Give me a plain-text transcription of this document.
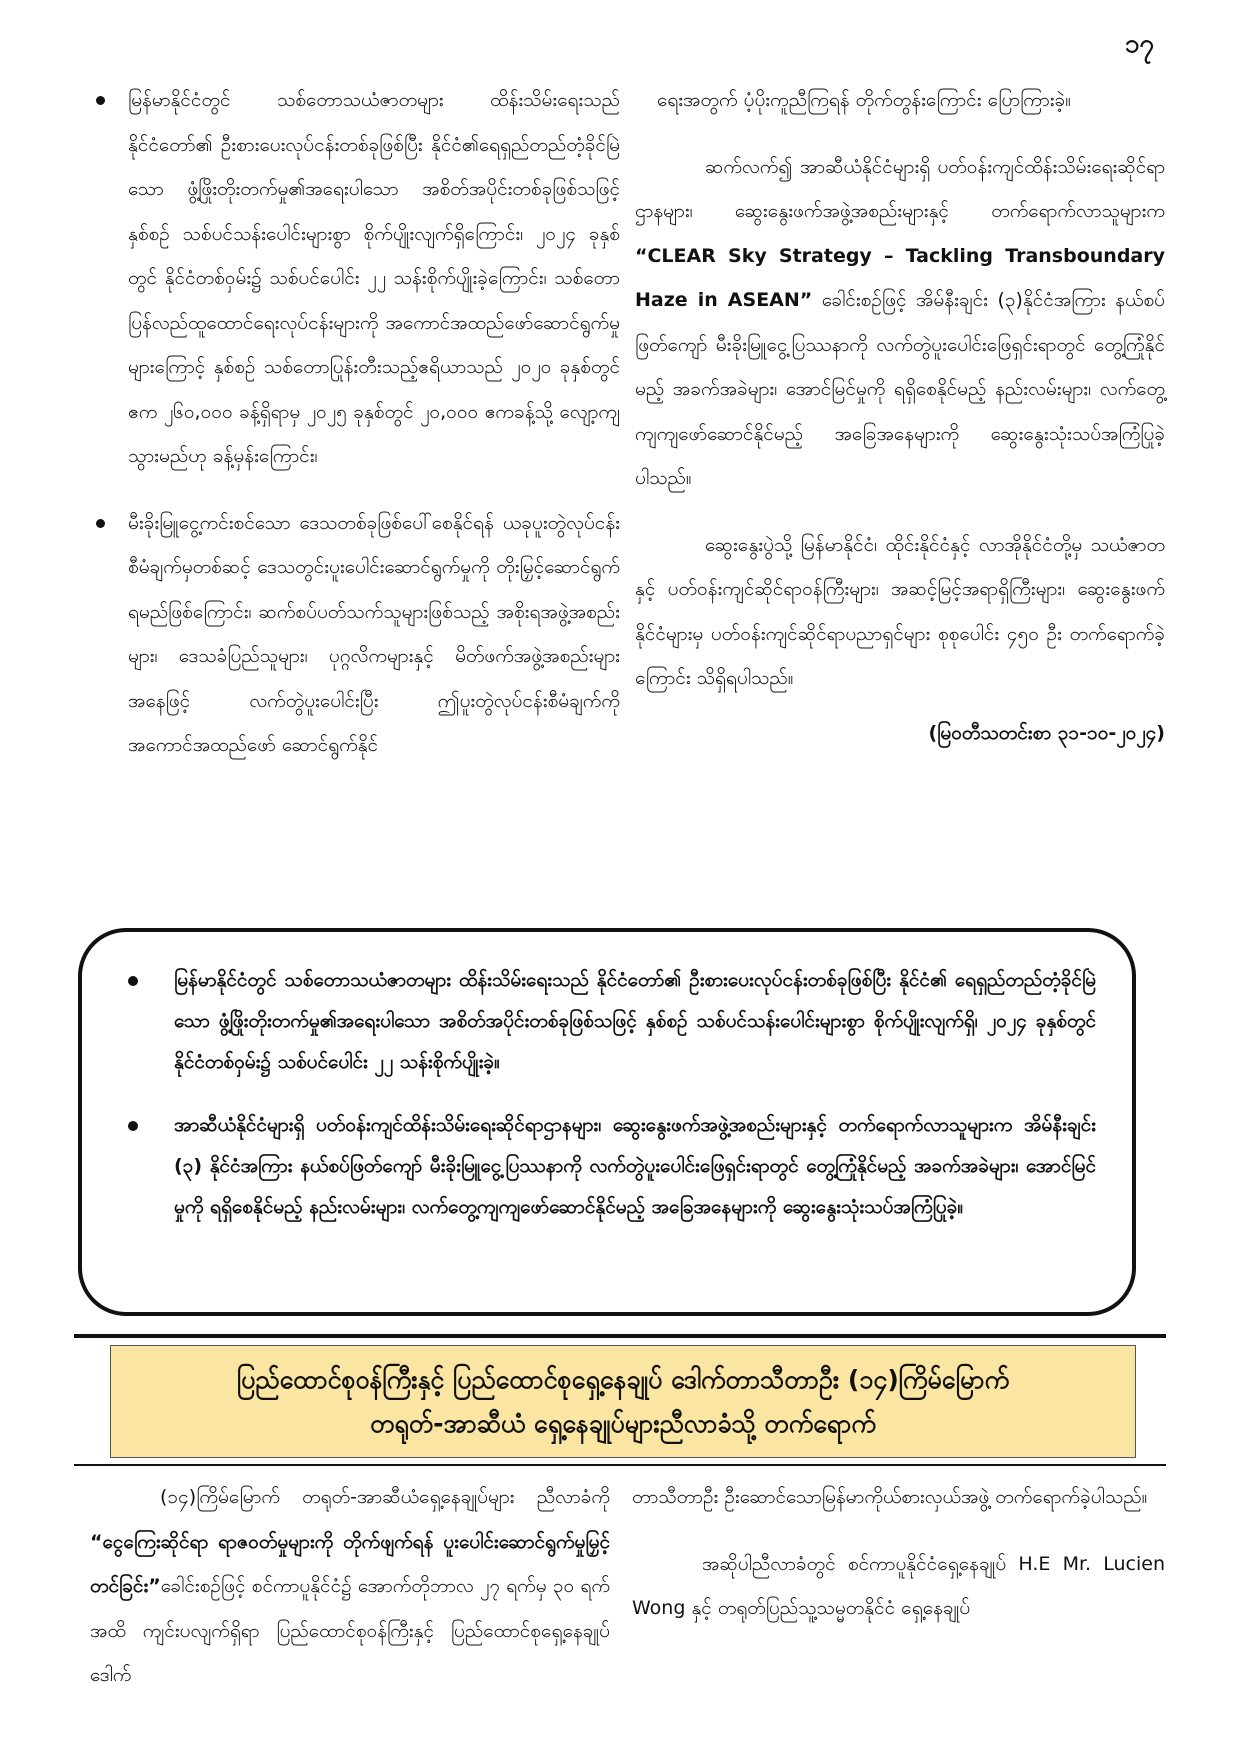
၁၇
မြန်မာနိုင်ငံတွင် သစ်တောသယံဇာတများ ထိန်းသိမ်းရေးသည် နိုင်ငံတော်၏ ဦးစားပေးလုပ်ငန်းတစ်ခုဖြစ်ပြီး နိုင်ငံ၏ရေရှည်တည်တံ့ခိုင်မြဲသော ဖွံ့ဖြိုးတိုးတက်မှု၏အရေးပါသော အစိတ်အပိုင်းတစ်ခုဖြစ်သဖြင့် နှစ်စဉ် သစ်ပင်သန်းပေါင်းများစွာ စိုက်ပျိုးလျက်ရှိကြောင်း၊ ၂၀၂၄ ခုနှစ်တွင် နိုင်ငံတစ်ဝှမ်း၌ သစ်ပင်ပေါင်း ၂၂ သန်းစိုက်ပျိုးခဲ့ကြောင်း၊ သစ်တောပြန်လည်ထူထောင်ရေးလုပ်ငန်းများကို အကောင်အထည်ဖော်ဆောင်ရွက်မှုများကြောင့် နှစ်စဉ် သစ်တောပြုန်းတီးသည့်ဧရိယာသည် ၂၀၂၀ ခုနှစ်တွင် ဧက ၂၆၀,၀၀၀ ခန့်ရှိရာမှ ၂၀၂၅ ခုနှစ်တွင် ၂၀,၀၀၀ ဧကခန့်သို့ လျော့ကျသွားမည်ဟု ခန့်မှန်းကြောင်း၊
မီးခိုးမြူငွေ့ကင်းစင်သော ဒေသတစ်ခုဖြစ်ပေါ်စေနိုင်ရန် ယခုပူးတွဲလုပ်ငန်းစီမံချက်မှတစ်ဆင့် ဒေသတွင်းပူးပေါင်းဆောင်ရွက်မှုကို တိုးမြှင့်ဆောင်ရွက်ရမည်ဖြစ်ကြောင်း၊ ဆက်စပ်ပတ်သက်သူများဖြစ်သည့် အစိုးရအဖွဲ့အစည်းများ၊ ဒေသခံပြည်သူများ၊ ပုဂ္ဂလိကများနှင့် မိတ်ဖက်အဖွဲ့အစည်းများအနေဖြင့် လက်တွဲပူးပေါင်းပြီး ဤပူးတွဲလုပ်ငန်းစီမံချက်ကို အကောင်အထည်ဖော် ဆောင်ရွက်နိုင်

ရေးအတွက် ပံ့ပိုးကူညီကြရန် တိုက်တွန်းကြောင်း ပြောကြားခဲ့။

ဆက်လက်၍ အာဆီယံနိုင်ငံများရှိ ပတ်ဝန်းကျင်ထိန်းသိမ်းရေးဆိုင်ရာဌာနများ၊ ဆွေးနွေးဖက်အဖွဲ့အစည်းများနှင့် တက်ရောက်လာသူများက “CLEAR Sky Strategy – Tackling Transboundary Haze in ASEAN” ခေါင်းစဉ်ဖြင့် အိမ်နီးချင်း (၃)နိုင်ငံအကြား နယ်စပ်ဖြတ်ကျော် မီးခိုးမြူငွေ့ပြဿနာကို လက်တွဲပူးပေါင်းဖြေရှင်းရာတွင် တွေ့ကြုံနိုင်မည့် အခက်အခဲများ၊ အောင်မြင်မှုကို ရရှိစေနိုင်မည့် နည်းလမ်းများ၊ လက်တွေ့ကျကျဖော်ဆောင်နိုင်မည့် အခြေအနေများကို ဆွေးနွေးသုံးသပ်အကြံပြုခဲ့ပါသည်။

ဆွေးနွေးပွဲသို့ မြန်မာနိုင်ငံ၊ ထိုင်းနိုင်ငံနှင့် လာအိုနိုင်ငံတို့မှ သယံဇာတနှင့် ပတ်ဝန်းကျင်ဆိုင်ရာဝန်ကြီးများ၊ အဆင့်မြင့်အရာရှိကြီးများ၊ ဆွေးနွေးဖက်နိုင်ငံများမှ ပတ်ဝန်းကျင်ဆိုင်ရာပညာရှင်များ စုစုပေါင်း ၄၅၀ ဦး တက်ရောက်ခဲ့ကြောင်း သိရှိရပါသည်။

(မြဝတီသတင်းစာ ၃၁-၁၀-၂၀၂၄)

မြန်မာနိုင်ငံတွင် သစ်တောသယံဇာတများ ထိန်းသိမ်းရေးသည် နိုင်ငံတော်၏ ဦးစားပေးလုပ်ငန်းတစ်ခုဖြစ်ပြီး နိုင်ငံ၏ ရေရှည်တည်တံ့ခိုင်မြဲသော ဖွံ့ဖြိုးတိုးတက်မှု၏အရေးပါသော အစိတ်အပိုင်းတစ်ခုဖြစ်သဖြင့် နှစ်စဉ် သစ်ပင်သန်းပေါင်းများစွာ စိုက်ပျိုးလျက်ရှိ၊ ၂၀၂၄ ခုနှစ်တွင် နိုင်ငံတစ်ဝှမ်း၌ သစ်ပင်ပေါင်း ၂၂ သန်းစိုက်ပျိုးခဲ့။
အာဆီယံနိုင်ငံများရှိ ပတ်ဝန်းကျင်ထိန်းသိမ်းရေးဆိုင်ရာဌာနများ၊ ဆွေးနွေးဖက်အဖွဲ့အစည်းများနှင့် တက်ရောက်လာသူများက အိမ်နီးချင်း (၃) နိုင်ငံအကြား နယ်စပ်ဖြတ်ကျော် မီးခိုးမြူငွေ့ပြဿနာကို လက်တွဲပူးပေါင်းဖြေရှင်းရာတွင် တွေ့ကြုံနိုင်မည့် အခက်အခဲများ၊ အောင်မြင်မှုကို ရရှိစေနိုင်မည့် နည်းလမ်းများ၊ လက်တွေ့ကျကျဖော်ဆောင်နိုင်မည့် အခြေအနေများကို ဆွေးနွေးသုံးသပ်အကြံပြုခဲ့။
ပြည်ထောင်စုဝန်ကြီးနှင့် ပြည်ထောင်စုရှေ့နေချုပ် ဒေါက်တာသီတာဦး (၁၄)ကြိမ်မြောက်
တရုတ်-အာဆီယံ ရှေ့နေချုပ်များညီလာခံသို့ တက်ရောက်

(၁၄)ကြိမ်မြောက် တရုတ်-အာဆီယံရှေ့နေချုပ်များ ညီလာခံကို “ငွေကြေးဆိုင်ရာ ရာဇဝတ်မှုများကို တိုက်ဖျက်ရန် ပူးပေါင်းဆောင်ရွက်မှုမြှင့်တင်ခြင်း”ခေါင်းစဉ်ဖြင့် စင်ကာပူနိုင်ငံ၌ အောက်တိုဘာလ ၂၇ ရက်မှ ၃၀ ရက်အထိ ကျင်းပလျက်ရှိရာ ပြည်ထောင်စုဝန်ကြီးနှင့် ပြည်ထောင်စုရှေ့နေချုပ် ဒေါက်

တာသီတာဦး ဦးဆောင်သောမြန်မာကိုယ်စားလှယ်အဖွဲ့ တက်ရောက်ခဲ့ပါသည်။

အဆိုပါညီလာခံတွင် စင်ကာပူနိုင်ငံရှေ့နေချုပ် H.E Mr. Lucien Wong နှင့် တရုတ်ပြည်သူ့သမ္မတနိုင်ငံ ရှေ့နေချုပ်
